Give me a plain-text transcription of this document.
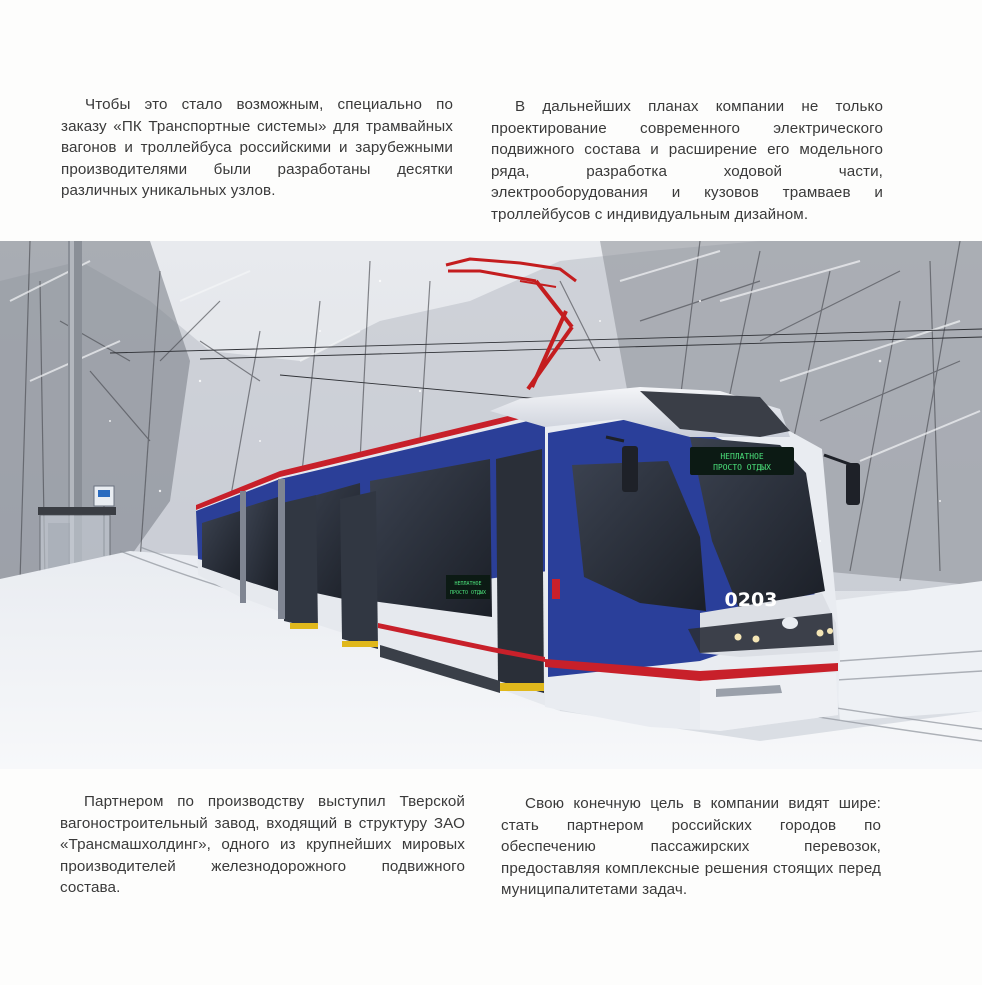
Чтобы это стало возможным, специально по заказу «ПК Транспортные системы» для трамвайных вагонов и троллейбуса российскими и зарубежными производителями были разработаны десятки различных уникальных узлов.

В дальнейших планах компании не только проектирование современного электрического подвижного состава и расширение его модельного ряда, разработка ходовой части, электрооборудования и кузовов трамваев и троллейбусов с индивидуальным дизайном.

НЕПЛАТНОЕ
ПРОСТО ОТДЫХ
НЕПЛАТНОЕ
ПРОСТО ОТДЫХ
0203

Партнером по производству выступил Тверской вагоностроительный завод, входящий в структуру ЗАО «Трансмашхолдинг», одного из крупнейших мировых производителей железнодорожного подвижного состава.

Свою конечную цель в компании видят шире: стать партнером российских городов по обеспечению пассажирских перевозок, предоставляя комплексные решения стоящих перед муниципалитетами задач.
